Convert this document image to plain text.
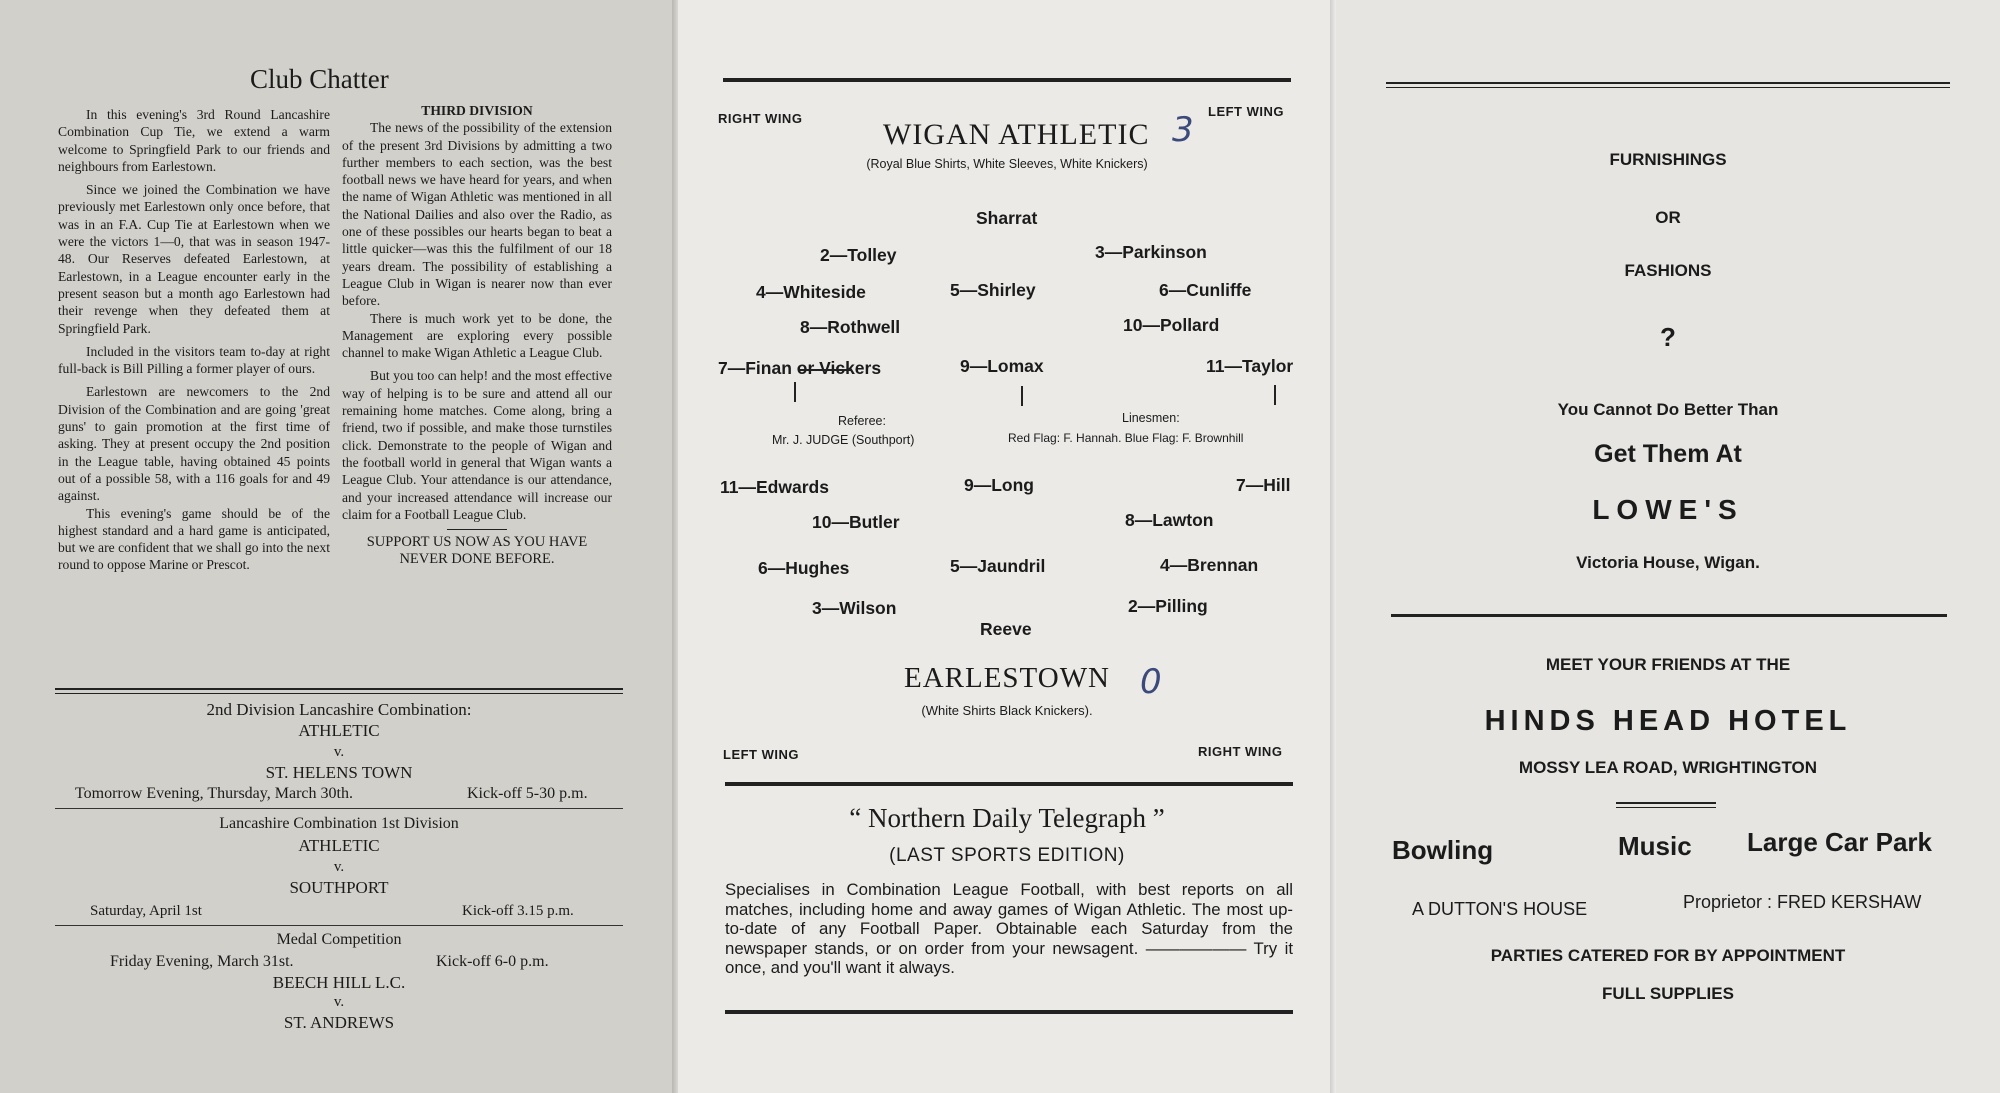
Club Chatter

In this evening's 3rd Round Lancashire Combination Cup Tie, we extend a warm welcome to Springfield Park to our friends and neighbours from Earlestown.

Since we joined the Combination we have previously met Earlestown only once before, that was in an F.A. Cup Tie at Earlestown when we were the victors 1—0, that was in season 1947-48. Our Reserves defeated Earlestown, at Earlestown, in a League encounter early in the present season but a month ago Earlestown had their revenge when they defeated them at Springfield Park.

Included in the visitors team to-day at right full-back is Bill Pilling a former player of ours.

Earlestown are newcomers to the 2nd Division of the Combination and are going 'great guns' to gain promotion at the first time of asking. They at present occupy the 2nd position in the League table, having obtained 45 points out of a possible 58, with a 116 goals for and 49 against.

This evening's game should be of the highest standard and a hard game is anticipated, but we are confident that we shall go into the next round to oppose Marine or Prescot.

THIRD DIVISION

The news of the possibility of the extension of the present 3rd Divisions by admitting a two further members to each section, was the best football news we have heard for years, and when the name of Wigan Athletic was mentioned in all the National Dailies and also over the Radio, as one of these possibles our hearts began to beat a little quicker—was this the fulfilment of our 18 years dream. The possibility of establishing a League Club in Wigan is nearer now than ever before.

There is much work yet to be done, the Management are exploring every possible channel to make Wigan Athletic a League Club.

But you too can help! and the most effective way of helping is to be sure and attend all our remaining home matches. Come along, bring a friend, two if possible, and make those turnstiles click. Demonstrate to the people of Wigan and the football world in general that Wigan wants a League Club. Your attendance is our attendance, and your increased attendance will increase our claim for a Football League Club.

SUPPORT US NOW AS YOU HAVE NEVER DONE BEFORE.

2nd Division Lancashire Combination:
ATHLETIC
v.
ST. HELENS TOWN
Tomorrow Evening, Thursday, March 30th.	Kick-off 5-30 p.m.
Lancashire Combination 1st Division
ATHLETIC
v.
SOUTHPORT
Saturday, April 1st	Kick-off 3.15 p.m.
Medal Competition
Friday Evening, March 31st.	Kick-off 6-0 p.m.
BEECH HILL L.C.
v.
ST. ANDREWS
RIGHT WING	LEFT WING
WIGAN ATHLETIC 3
(Royal Blue Shirts, White Sleeves, White Knickers)
Sharrat
2—Tolley	3—Parkinson
4—Whiteside	5—Shirley	6—Cunliffe
8—Rothwell	10—Pollard
7—Finan or Vickers	9—Lomax	11—Taylor
Referee:
Mr. J. JUDGE (Southport)
Linesmen:
Red Flag: F. Hannah. Blue Flag: F. Brownhill
11—Edwards	9—Long	7—Hill
10—Butler	8—Lawton
6—Hughes	5—Jaundril	4—Brennan
3—Wilson	2—Pilling
Reeve
EARLESTOWN 0
(White Shirts Black Knickers).
LEFT WING	RIGHT WING
“ Northern Daily Telegraph ”
(LAST SPORTS EDITION)
Specialises in Combination League Football, with best reports on all matches, including home and away games of Wigan Athletic. The most up-to-date of any Football Paper. Obtainable each Saturday from the newspaper stands, or on order from your newsagent. —————— Try it once, and you'll want it always.
FURNISHINGS
OR
FASHIONS
?
You Cannot Do Better Than
Get Them At
LOWE'S
Victoria House, Wigan.
MEET YOUR FRIENDS AT THE
HINDS HEAD HOTEL
MOSSY LEA ROAD, WRIGHTINGTON
Bowling	Music Large Car Park
A DUTTON'S HOUSE	Proprietor : FRED KERSHAW
PARTIES CATERED FOR BY APPOINTMENT
FULL SUPPLIES
